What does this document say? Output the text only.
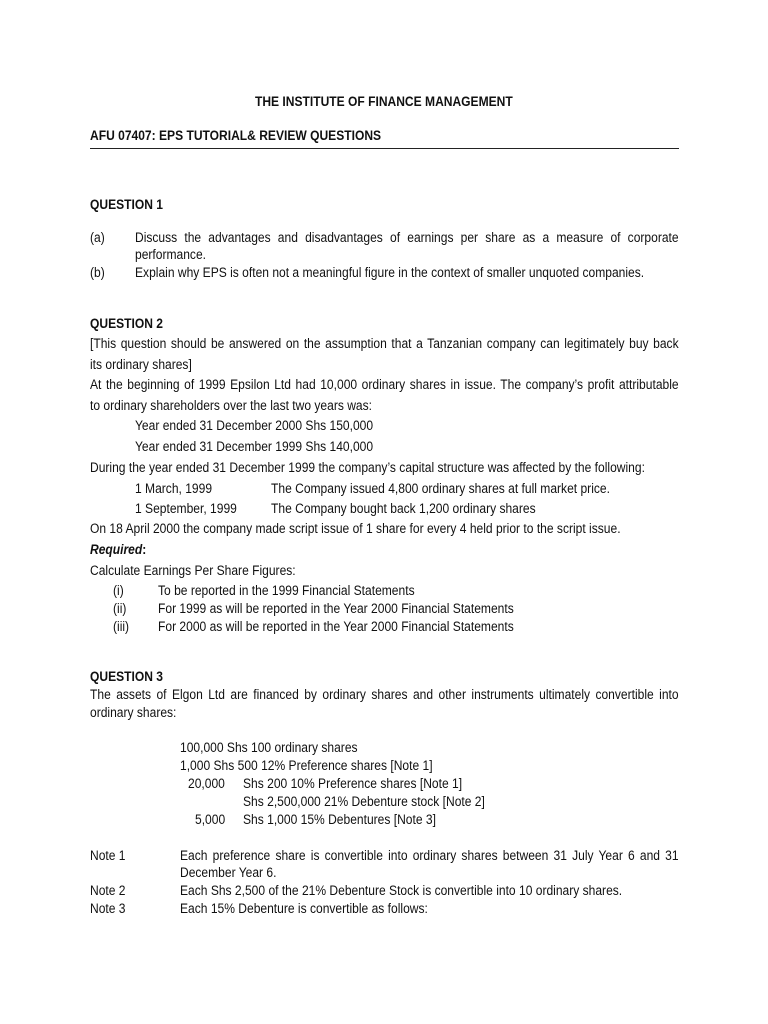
THE INSTITUTE OF FINANCE MANAGEMENT
AFU 07407: EPS TUTORIAL& REVIEW QUESTIONS
QUESTION 1
(a) Discuss the advantages and disadvantages of earnings per share as a measure of corporate
performance.
(b) Explain why EPS is often not a meaningful figure in the context of smaller unquoted companies.
QUESTION 2
[This question should be answered on the assumption that a Tanzanian company can legitimately buy back
its ordinary shares]
At the beginning of 1999 Epsilon Ltd had 10,000 ordinary shares in issue. The company’s profit attributable
to ordinary shareholders over the last two years was:
Year ended 31 December 2000 Shs 150,000
Year ended 31 December 1999 Shs 140,000
During the year ended 31 December 1999 the company’s capital structure was affected by the following:
1 March, 1999	The Company issued 4,800 ordinary shares at full market price.
1 September, 1999	The Company bought back 1,200 ordinary shares
On 18 April 2000 the company made script issue of 1 share for every 4 held prior to the script issue.
Required:
Calculate Earnings Per Share Figures:
(i)	To be reported in the 1999 Financial Statements
(ii) For 1999 as will be reported in the Year 2000 Financial Statements
(iii) For 2000 as will be reported in the Year 2000 Financial Statements
QUESTION 3
The assets of Elgon Ltd are financed by ordinary shares and other instruments ultimately convertible into
ordinary shares:
100,000 Shs 100 ordinary shares
1,000 Shs 500 12% Preference shares [Note 1]
20,000 Shs 200 10% Preference shares [Note 1]
Shs 2,500,000 21% Debenture stock [Note 2]
5,000 Shs 1,000 15% Debentures [Note 3]
Note 1	Each preference share is convertible into ordinary shares between 31 July Year 6 and 31
December Year 6.
Note 2	Each Shs 2,500 of the 21% Debenture Stock is convertible into 10 ordinary shares.
Note 3	Each 15% Debenture is convertible as follows:
